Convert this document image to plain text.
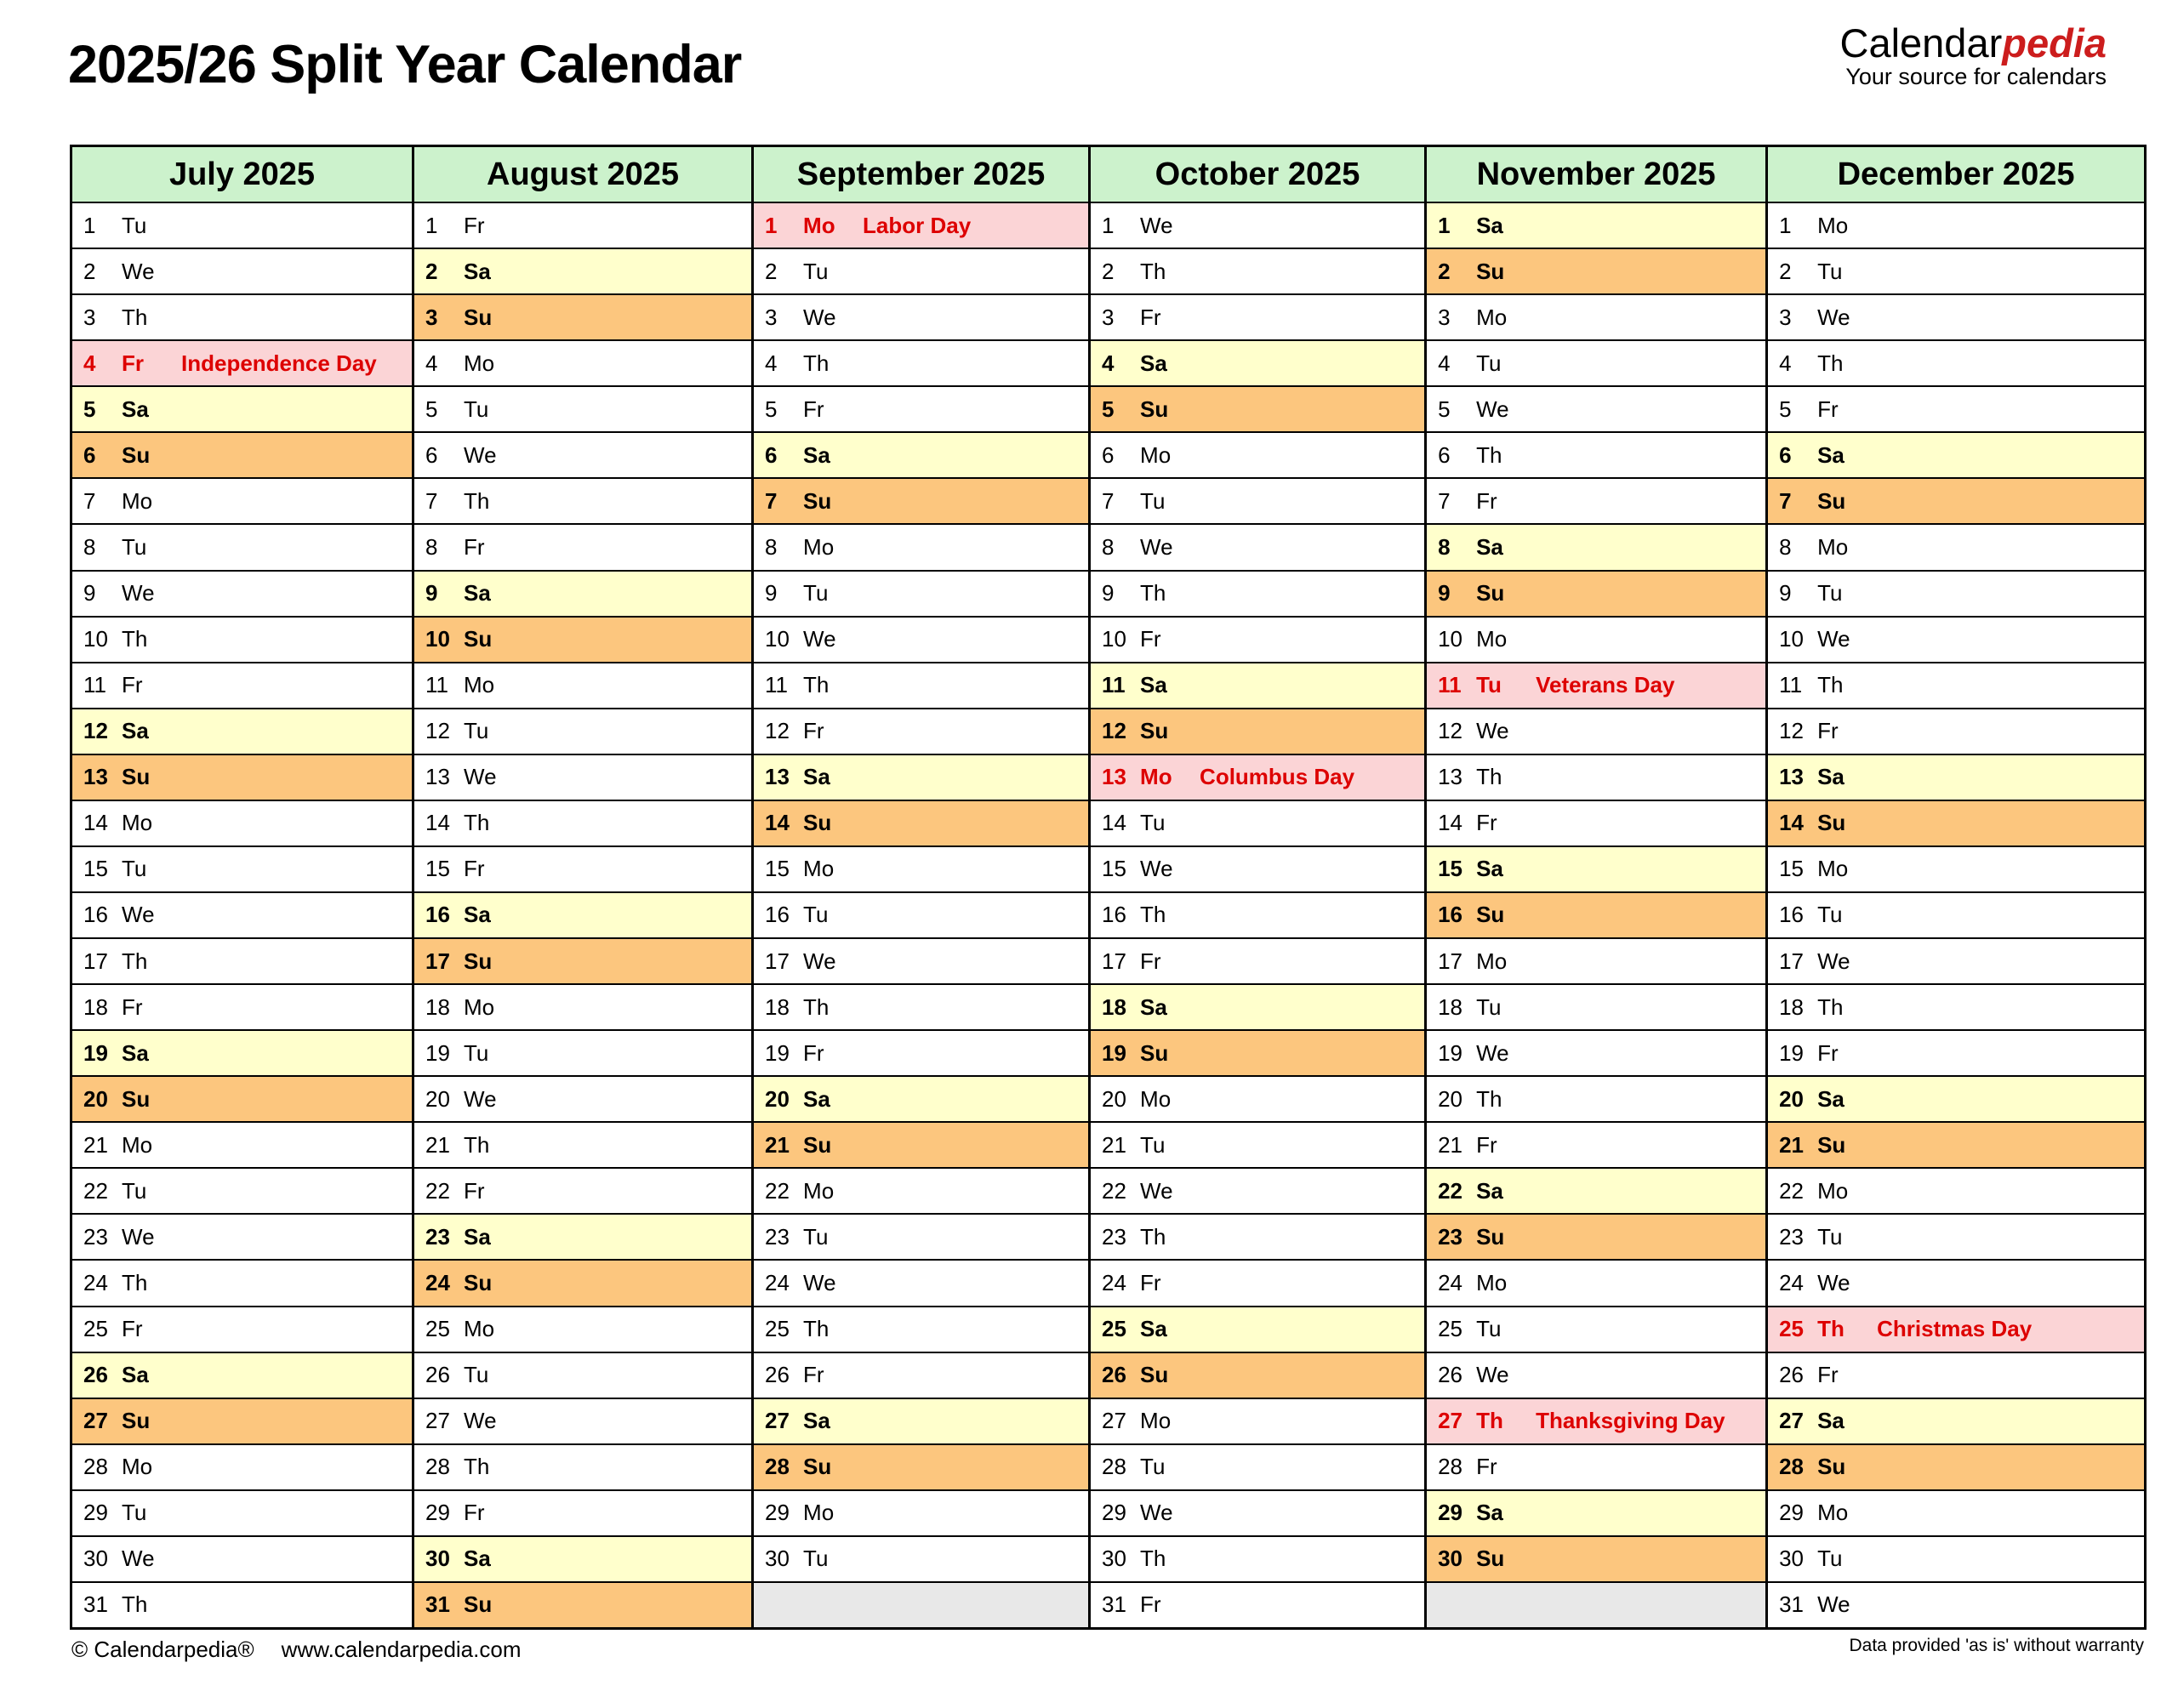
2025/26 Split Year Calendar	Calendarpedia
Your source for calendars
July 2025
1	Tu
2	We
3	Th
4	Fr	Independence Day
5	Sa
6	Su
7	Mo
8	Tu
9	We
10 Th
11 Fr
12 Sa
13 Su
14 Mo
15 Tu
16 We
17 Th
18 Fr
19 Sa
20 Su
21 Mo
22 Tu
23 We
24 Th
25 Fr
26 Sa
27 Su
28 Mo
29 Tu
30 We
31 Th
August 2025
1	Fr
2	Sa
3	Su
4	Mo
5	Tu
6	We
7	Th
8	Fr
9	Sa
10 Su
11 Mo
12 Tu
13 We
14 Th
15 Fr
16 Sa
17 Su
18 Mo
19 Tu
20 We
21 Th
22 Fr
23 Sa
24 Su
25 Mo
26 Tu
27 We
28 Th
29 Fr
30 Sa
31 Su
September 2025
1	Mo	Labor Day
2	Tu
3	We
4	Th
5	Fr
6	Sa
7	Su
8	Mo
9	Tu
10 We
11 Th
12 Fr
13 Sa
14 Su
15 Mo
16 Tu
17 We
18 Th
19 Fr
20 Sa
21 Su
22 Mo
23 Tu
24 We
25 Th
26 Fr
27 Sa
28 Su
29 Mo
30 Tu
October 2025
1	We
2	Th
3	Fr
4	Sa
5	Su
6	Mo
7	Tu
8	We
9	Th
10 Fr
11 Sa
12 Su
13 Mo	Columbus Day
14 Tu
15 We
16 Th
17 Fr
18 Sa
19 Su
20 Mo
21 Tu
22 We
23 Th
24 Fr
25 Sa
26 Su
27 Mo
28 Tu
29 We
30 Th
31 Fr
November 2025
1	Sa
2	Su
3	Mo
4	Tu
5	We
6	Th
7	Fr
8	Sa
9	Su
10 Mo
11 Tu	Veterans Day
12 We
13 Th
14 Fr
15 Sa
16 Su
17 Mo
18 Tu
19 We
20 Th
21 Fr
22 Sa
23 Su
24 Mo
25 Tu
26 We
27 Th	Thanksgiving Day
28 Fr
29 Sa
30 Su
December 2025
1	Mo
2	Tu
3	We
4	Th
5	Fr
6	Sa
7	Su
8	Mo
9	Tu
10 We
11 Th
12 Fr
13 Sa
14 Su
15 Mo
16 Tu
17 We
18 Th
19 Fr
20 Sa
21 Su
22 Mo
23 Tu
24 We
25 Th	Christmas Day
26 Fr
27 Sa
28 Su
29 Mo
30 Tu
31 We
© Calendarpedia® www.calendarpedia.com	Data provided 'as is' without warranty
